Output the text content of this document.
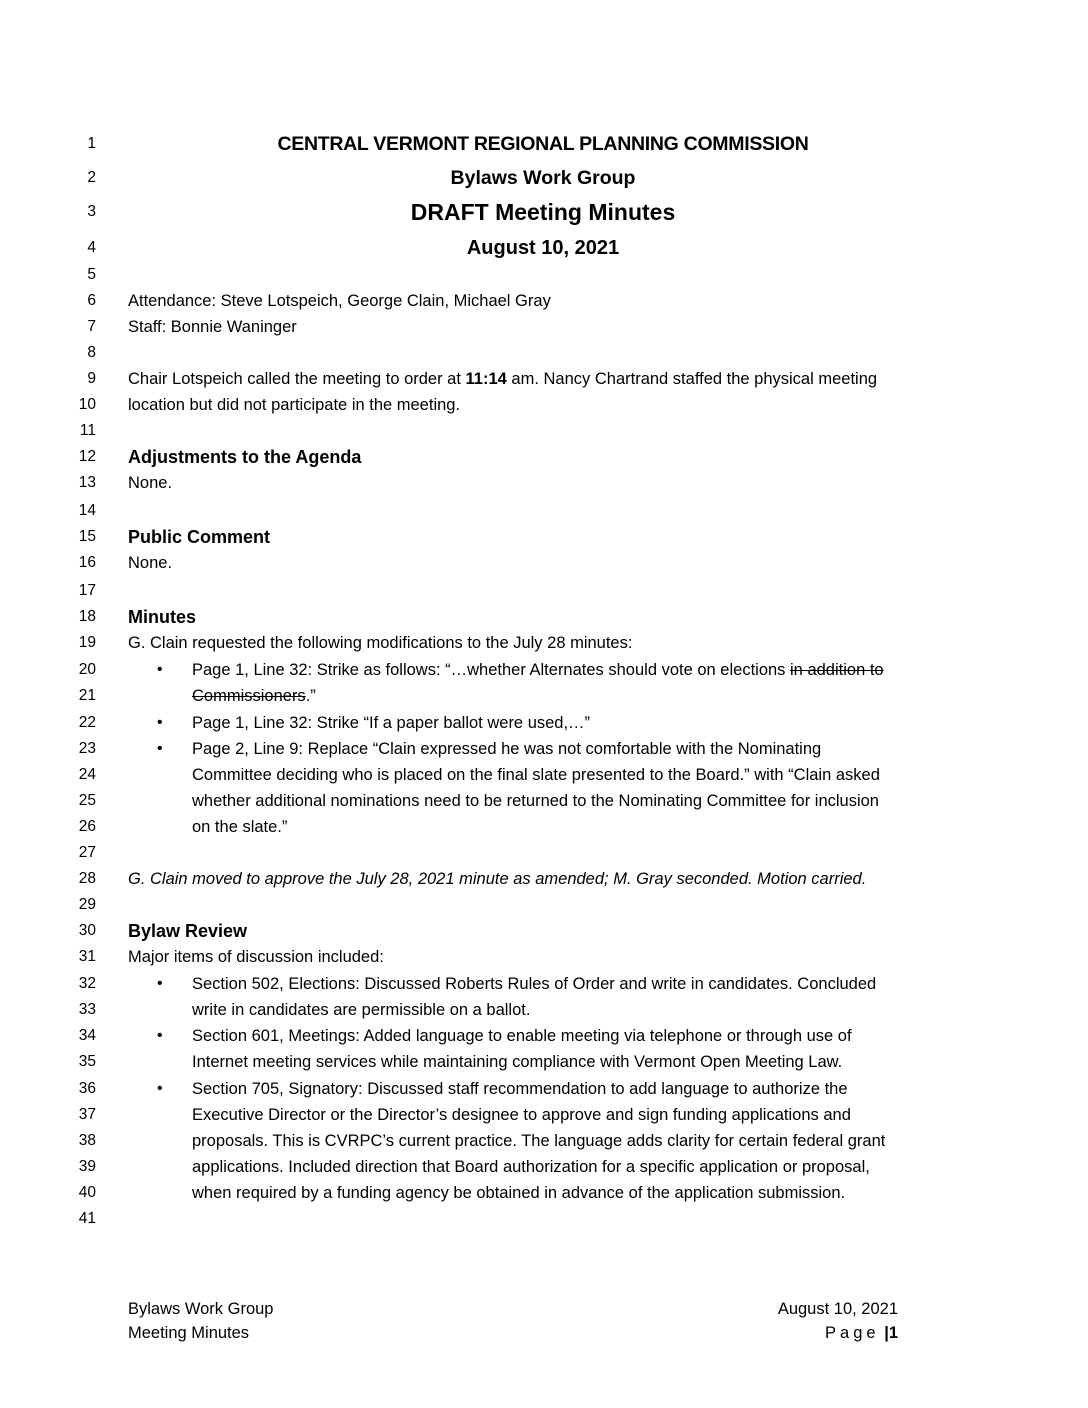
1
2
3
4
5
6
7
8
9
10
11
12
13
14
15
16
17
18
19
20
21
22
23
24
25
26
27
28
29
30
31
32
33
34
35
36
37
38
39
40
41
CENTRAL VERMONT REGIONAL PLANNING COMMISSION
Bylaws Work Group
DRAFT Meeting Minutes
August 10, 2021
Attendance: Steve Lotspeich, George Clain, Michael Gray
Staff: Bonnie Waninger
Chair Lotspeich called the meeting to order at 11:14 am. Nancy Chartrand staffed the physical meeting
location but did not participate in the meeting.
Adjustments to the Agenda
None.
Public Comment
None.
Minutes
G. Clain requested the following modifications to the July 28 minutes:
• Page 1, Line 32: Strike as follows: “…whether Alternates should vote on elections in addition to
Commissioners.”
• Page 1, Line 32: Strike “If a paper ballot were used,…”
• Page 2, Line 9: Replace “Clain expressed he was not comfortable with the Nominating
Committee deciding who is placed on the final slate presented to the Board.” with “Clain asked
whether additional nominations need to be returned to the Nominating Committee for inclusion
on the slate.”
G. Clain moved to approve the July 28, 2021 minute as amended; M. Gray seconded. Motion carried.
Bylaw Review
Major items of discussion included:
• Section 502, Elections: Discussed Roberts Rules of Order and write in candidates. Concluded
write in candidates are permissible on a ballot.
• Section 601, Meetings: Added language to enable meeting via telephone or through use of
Internet meeting services while maintaining compliance with Vermont Open Meeting Law.
• Section 705, Signatory: Discussed staff recommendation to add language to authorize the
Executive Director or the Director’s designee to approve and sign funding applications and
proposals. This is CVRPC’s current practice. The language adds clarity for certain federal grant
applications. Included direction that Board authorization for a specific application or proposal,
when required by a funding agency be obtained in advance of the application submission.
Bylaws Work Group
Meeting Minutes
August 10, 2021
Page |1
